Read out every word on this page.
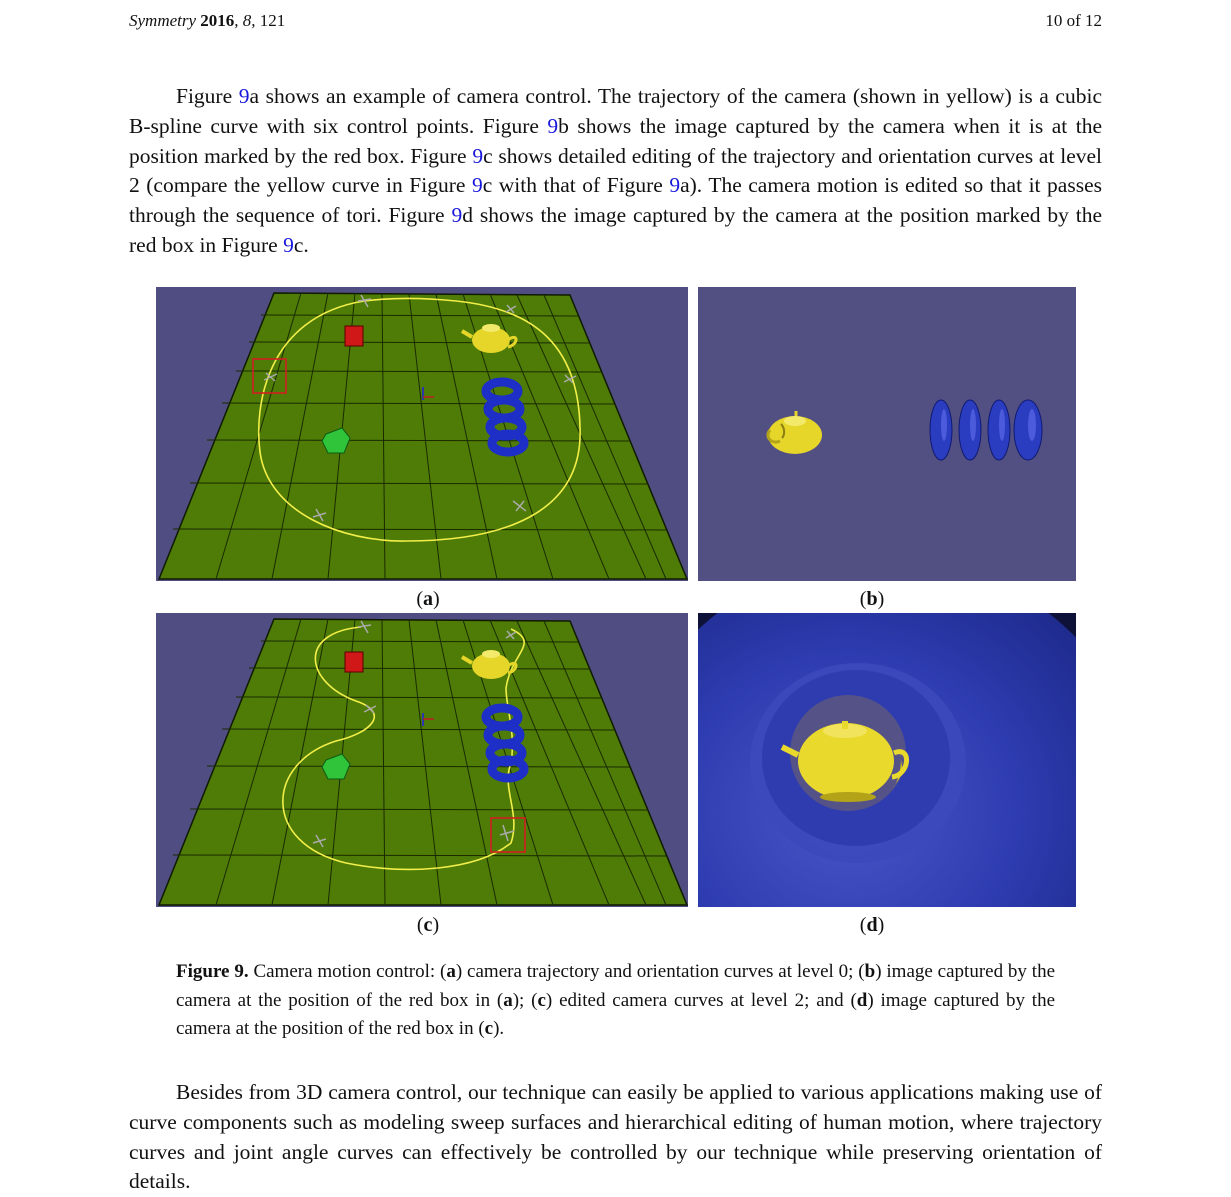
Symmetry 2016, 8, 121	10 of 12

Figure 9a shows an example of camera control. The trajectory of the camera (shown in yellow) is a cubic B-spline curve with six control points. Figure 9b shows the image captured by the camera when it is at the position marked by the red box. Figure 9c shows detailed editing of the trajectory and orientation curves at level 2 (compare the yellow curve in Figure 9c with that of Figure 9a). The camera motion is edited so that it passes through the sequence of tori. Figure 9d shows the image captured by the camera at the position marked by the red box in Figure 9c.

(a)	(b)
(c)	(d)

Figure 9. Camera motion control: (a) camera trajectory and orientation curves at level 0; (b) image captured by the camera at the position of the red box in (a); (c) edited camera curves at level 2; and (d) image captured by the camera at the position of the red box in (c).

Besides from 3D camera control, our technique can easily be applied to various applications making use of curve components such as modeling sweep surfaces and hierarchical editing of human motion, where trajectory curves and joint angle curves can effectively be controlled by our technique while preserving orientation of details.
